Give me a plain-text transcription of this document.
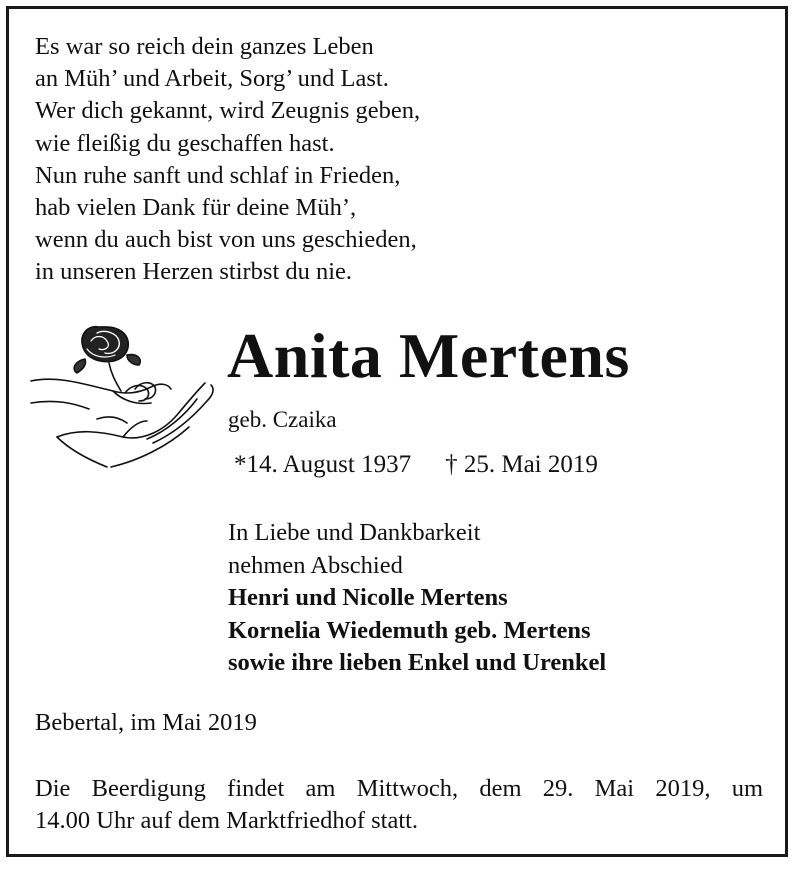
Es war so reich dein ganzes Leben
an Müh’ und Arbeit, Sorg’ und Last.
Wer dich gekannt, wird Zeugnis geben,
wie fleißig du geschaffen hast.
Nun ruhe sanft und schlaf in Frieden,
hab vielen Dank für deine Müh’,
wenn du auch bist von uns geschieden,
in unseren Herzen stirbst du nie.
Anita Mertens
geb. Czaika
*14. August 1937 † 25. Mai 2019
In Liebe und Dankbarkeit
nehmen Abschied
Henri und Nicolle Mertens
Kornelia Wiedemuth geb. Mertens
sowie ihre lieben Enkel und Urenkel
Bebertal, im Mai 2019
Die Beerdigung findet am Mittwoch, dem 29. Mai 2019, um
14.00 Uhr auf dem Marktfriedhof statt.
